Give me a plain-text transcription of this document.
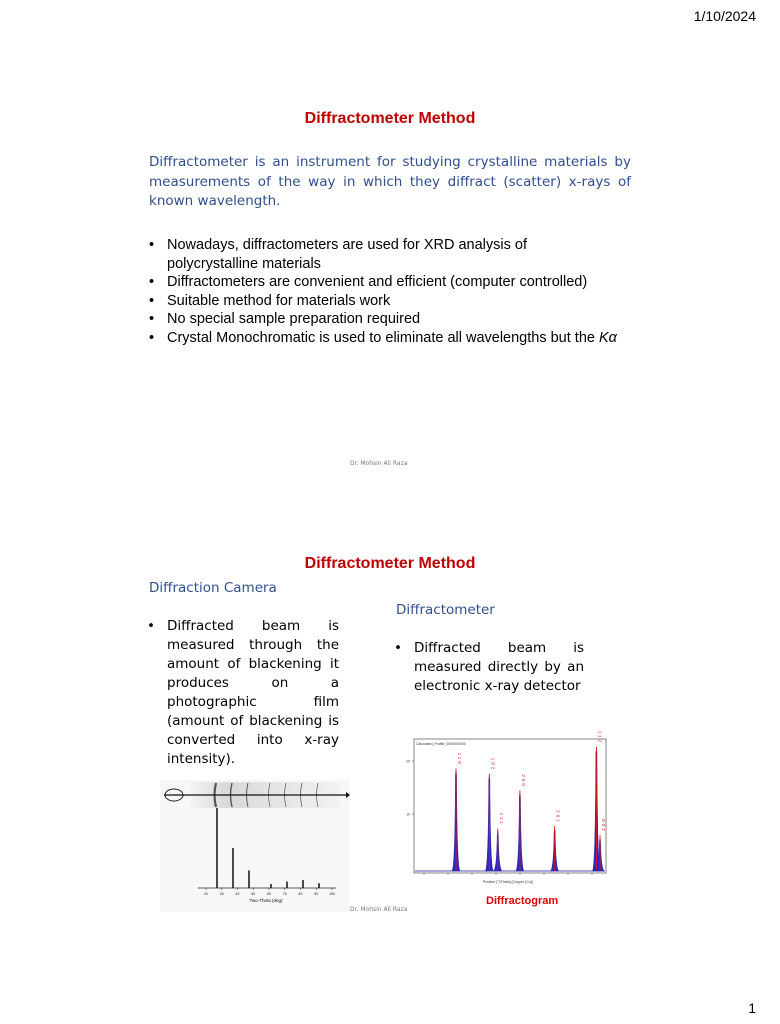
1/10/2024
Diffractometer Method
Diffractometer is an instrument for studying crystalline materials by measurements of the way in which they diffract (scatter) x-rays of known wavelength.
• Nowadays, diffractometers are used for XRD analysis of polycrystalline materials
• Diffractometers are convenient and efficient (computer controlled)
• Suitable method for materials work
• No special sample preparation required
• Crystal Monochromatic is used to eliminate all wavelengths but the Kα
Dr. Mohsin Ali Raza
Diffractometer Method
Diffraction Camera
• Diffracted beam is measured through the amount of blackening it produces on a photographic film (amount of blackening is converted into x-ray intensity).
Diffractometer
• Diffracted beam is measured directly by an electronic x-ray detector
20	30	40	50	60	70	80	90	100
Two-Theta (deg)
Dr. Mohsin Ali Raza
Calculated_Profile_0000000000
20
10
110	102
111
200
201
112
003
Position [°2Theta] (Copper (Cu))
Diffractogram
1
